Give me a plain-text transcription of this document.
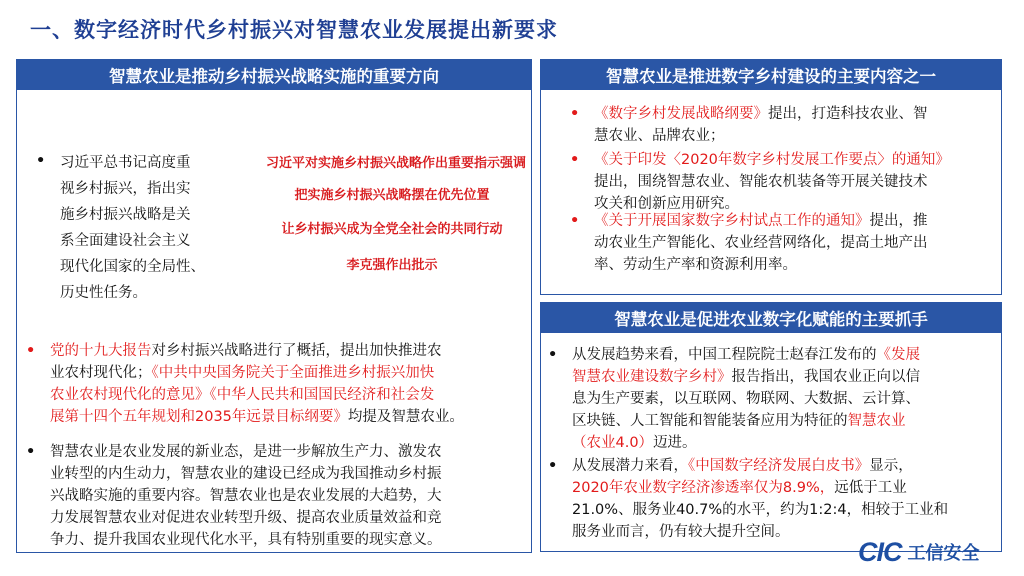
一、数字经济时代乡村振兴对智慧农业发展提出新要求
智慧农业是推动乡村振兴战略实施的重要方向
•	习近平总书记高度重
视乡村振兴，指出实
施乡村振兴战略是关
系全面建设社会主义
现代化国家的全局性、
历史性任务。
习近平对实施乡村振兴战略作出重要指示强调
把实施乡村振兴战略摆在优先位置
让乡村振兴成为全党全社会的共同行动
李克强作出批示
•	党的十九大报告对乡村振兴战略进行了概括，提出加快推进农
业农村现代化；《中共中央国务院关于全面推进乡村振兴加快
农业农村现代化的意见》《中华人民共和国国民经济和社会发
展第十四个五年规划和2035年远景目标纲要》均提及智慧农业。
•	智慧农业是农业发展的新业态，是进一步解放生产力、激发农
业转型的内生动力，智慧农业的建设已经成为我国推动乡村振
兴战略实施的重要内容。智慧农业也是农业发展的大趋势，大
力发展智慧农业对促进农业转型升级、提高农业质量效益和竞
争力、提升我国农业现代化水平，具有特别重要的现实意义。
智慧农业是推进数字乡村建设的主要内容之一
•	《数字乡村发展战略纲要》提出，打造科技农业、智
慧农业、品牌农业；
•	《关于印发〈2020年数字乡村发展工作要点〉的通知》
提出，围绕智慧农业、智能农机装备等开展关键技术
攻关和创新应用研究。
•	《关于开展国家数字乡村试点工作的通知》提出，推
动农业生产智能化、农业经营网络化，提高土地产出
率、劳动生产率和资源利用率。
智慧农业是促进农业数字化赋能的主要抓手
•	从发展趋势来看，中国工程院院士赵春江发布的《发展
智慧农业建设数字乡村》报告指出，我国农业正向以信
息为生产要素，以互联网、物联网、大数据、云计算、
区块链、人工智能和智能装备应用为特征的智慧农业
（农业4.0）迈进。
•	从发展潜力来看，《中国数字经济发展白皮书》显示，
2020年农业数字经济渗透率仅为8.9%，远低于工业
21.0%、服务业40.7%的水平，约为1:2:4，相较于工业和
服务业而言，仍有较大提升空间。
CIC 工信安全
